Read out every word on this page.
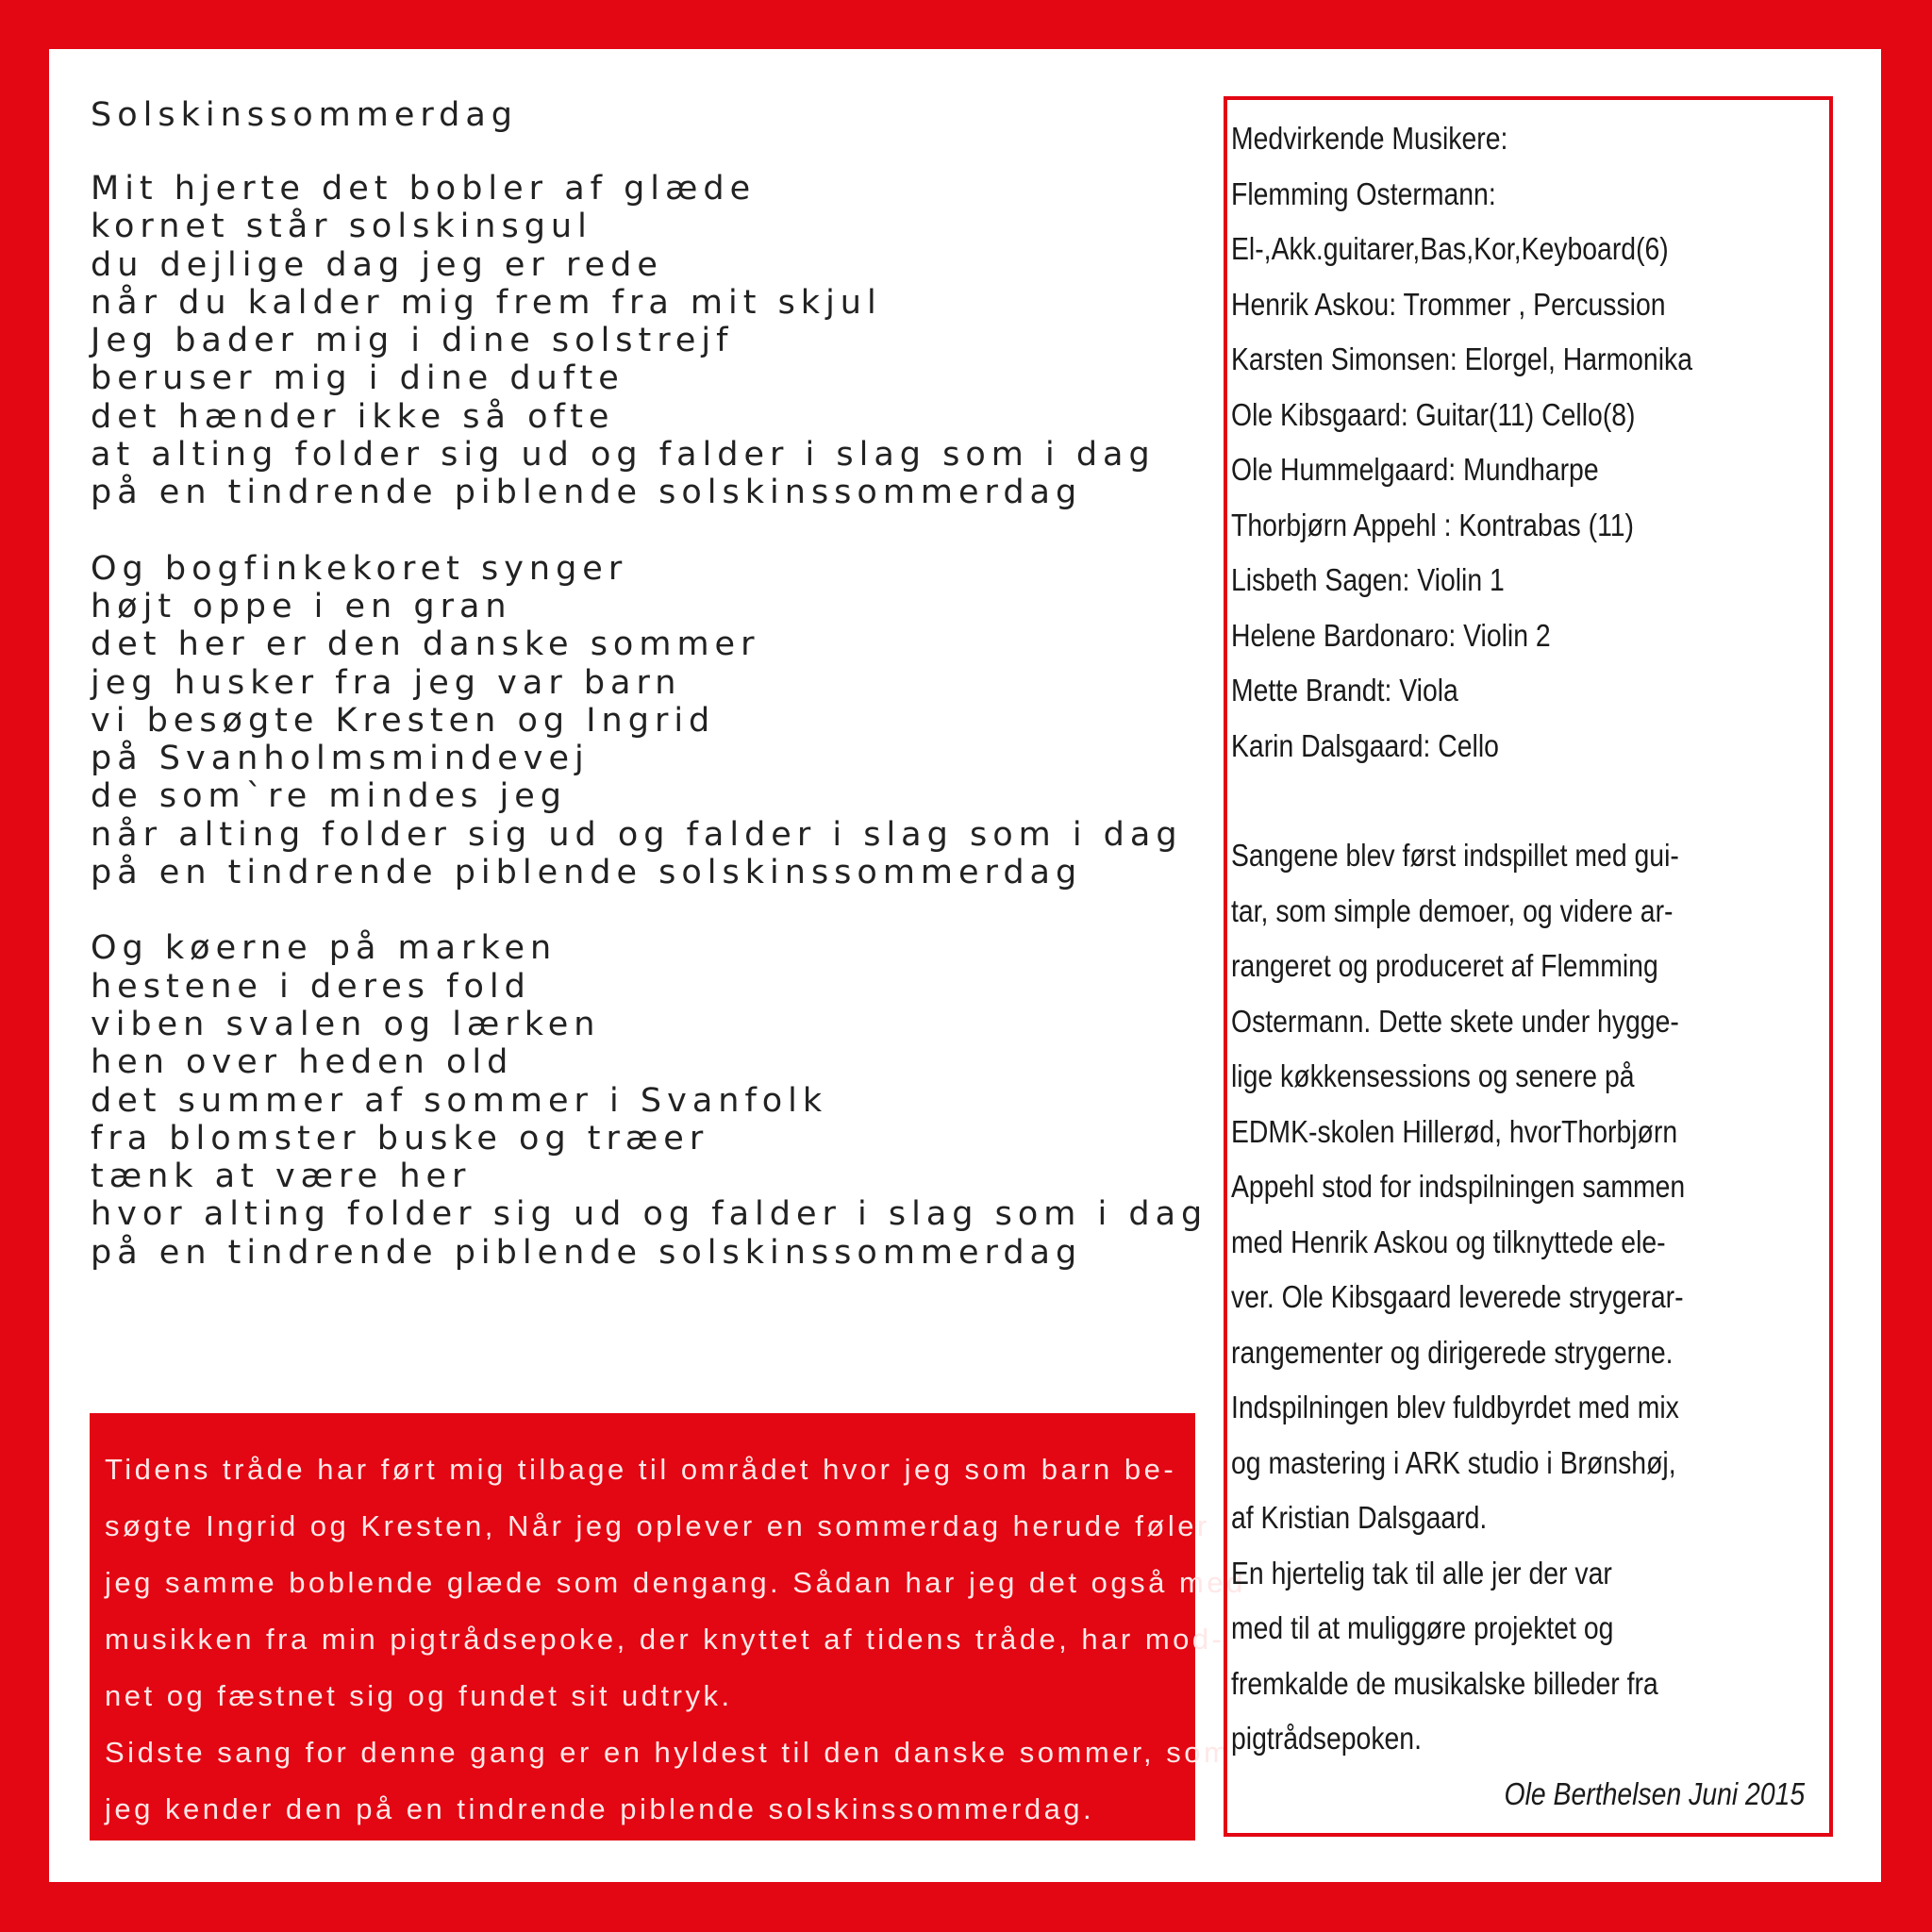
Solskinssommerdag
Mit hjerte det bobler af glæde
kornet står solskinsgul
du dejlige dag jeg er rede
når du kalder mig frem fra mit skjul
Jeg bader mig i dine solstrejf
beruser mig i dine dufte
det hænder ikke så ofte
at alting folder sig ud og falder i slag som i dag
på en tindrende piblende solskinssommerdag
Og bogfinkekoret synger
højt oppe i en gran
det her er den danske sommer
jeg husker fra jeg var barn
vi besøgte Kresten og Ingrid
på Svanholmsmindevej
de som`re mindes jeg
når alting folder sig ud og falder i slag som i dag
på en tindrende piblende solskinssommerdag
Og køerne på marken
hestene i deres fold
viben svalen og lærken
hen over heden old
det summer af sommer i Svanfolk
fra blomster buske og træer
tænk at være her
hvor alting folder sig ud og falder i slag som i dag
på en tindrende piblende solskinssommerdag
Tidens tråde har ført mig tilbage til området hvor jeg som barn be-
søgte Ingrid og Kresten, Når jeg oplever en sommerdag herude føler
jeg samme boblende glæde som dengang. Sådan har jeg det også med
musikken fra min pigtrådsepoke, der knyttet af tidens tråde, har mod-
net og fæstnet sig og fundet sit udtryk.
Sidste sang for denne gang er en hyldest til den danske sommer, som
jeg kender den på en tindrende piblende solskinssommerdag.
Medvirkende Musikere:
Flemming Ostermann:
El-,Akk.guitarer,Bas,Kor,Keyboard(6)
Henrik Askou: Trommer , Percussion
Karsten Simonsen: Elorgel, Harmonika
Ole Kibsgaard: Guitar(11) Cello(8)
Ole Hummelgaard: Mundharpe
Thorbjørn Appehl : Kontrabas (11)
Lisbeth Sagen: Violin 1
Helene Bardonaro: Violin 2
Mette Brandt: Viola
Karin Dalsgaard: Cello
Sangene blev først indspillet med gui-
tar, som simple demoer, og videre ar-
rangeret og produceret af Flemming
Ostermann. Dette skete under hygge-
lige køkkensessions og senere på
EDMK-skolen Hillerød, hvorThorbjørn
Appehl stod for indspilningen sammen
med Henrik Askou og tilknyttede ele-
ver. Ole Kibsgaard leverede strygerar-
rangementer og dirigerede strygerne.
Indspilningen blev fuldbyrdet med mix
og mastering i ARK studio i Brønshøj,
af Kristian Dalsgaard.
En hjertelig tak til alle jer der var
med til at muliggøre projektet og
fremkalde de musikalske billeder fra
pigtrådsepoken.
Ole Berthelsen Juni 2015
